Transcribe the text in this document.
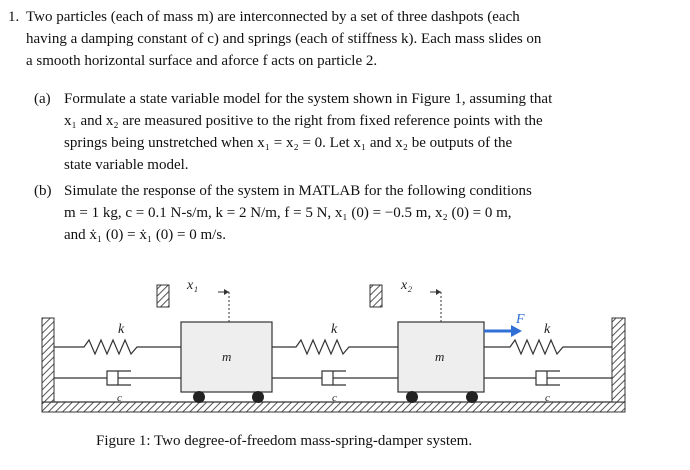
1. Two particles (each of mass m) are interconnected by a set of three dashpots (each
having a damping constant of c) and springs (each of stiffness k). Each mass slides on
a smooth horizontal surface and aforce f acts on particle 2.
(a) Formulate a state variable model for the system shown in Figure 1, assuming that
x₁ and x₂ are measured positive to the right from fixed reference points with the
springs being unstretched when x₁ = x₂ = 0. Let x₁ and x₂ be outputs of the
state variable model.
(b) Simulate the response of the system in MATLAB for the following conditions
m = 1 kg, c = 0.1 N-s/m, k = 2 N/m, f = 5 N, x₁ (0) = −0.5 m, x₂ (0) = 0 m,
and ẋ₁ (0) = ẋ₁ (0) = 0 m/s.
x₁	x₂
k	k	k
c	c	c
m	m
F
Figure 1: Two degree-of-freedom mass-spring-damper system.
